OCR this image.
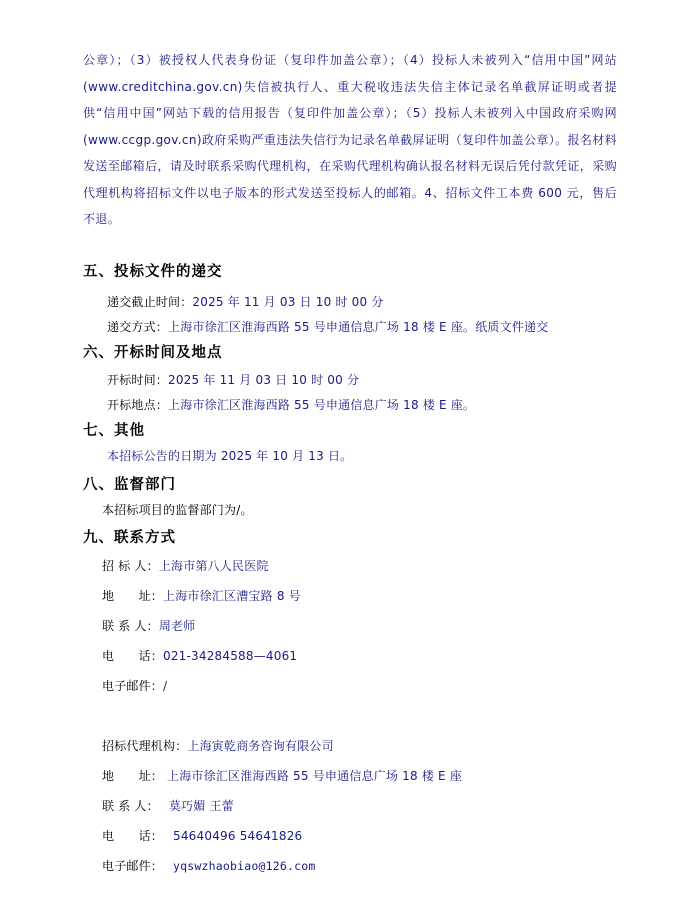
公章）；（3）被授权人代表身份证（复印件加盖公章）；（4）投标人未被列入“信用中国”网站(www.creditchina.gov.cn)失信被执行人、重大税收违法失信主体记录名单截屏证明或者提供“信用中国”网站下载的信用报告（复印件加盖公章）；（5）投标人未被列入中国政府采购网(www.ccgp.gov.cn)政府采购严重违法失信行为记录名单截屏证明（复印件加盖公章）。报名材料发送至邮箱后，请及时联系采购代理机构，在采购代理机构确认报名材料无误后凭付款凭证，采购代理机构将招标文件以电子版本的形式发送至投标人的邮箱。4、招标文件工本费 600 元，售后不退。
五、投标文件的递交
递交截止时间：2025 年 11 月 03 日 10 时 00 分
递交方式：上海市徐汇区淮海西路 55 号申通信息广场 18 楼 E 座。纸质文件递交
六、开标时间及地点
开标时间：2025 年 11 月 03 日 10 时 00 分
开标地点：上海市徐汇区淮海西路 55 号申通信息广场 18 楼 E 座。
七、其他
本招标公告的日期为 2025 年 10 月 13 日。
八、监督部门
本招标项目的监督部门为/。
九、联系方式
招 标 人：上海市第八人民医院
地　　址：上海市徐汇区漕宝路 8 号
联 系 人：周老师
电　　话：021-34284588—4061
电子邮件：/
招标代理机构：上海寅乾商务咨询有限公司
地　　址： 上海市徐汇区淮海西路 55 号申通信息广场 18 楼 E 座
联 系 人： 莫巧媚 王蕾
电　　话： 54640496 54641826
电子邮件： yqswzhaobiao@126.com
